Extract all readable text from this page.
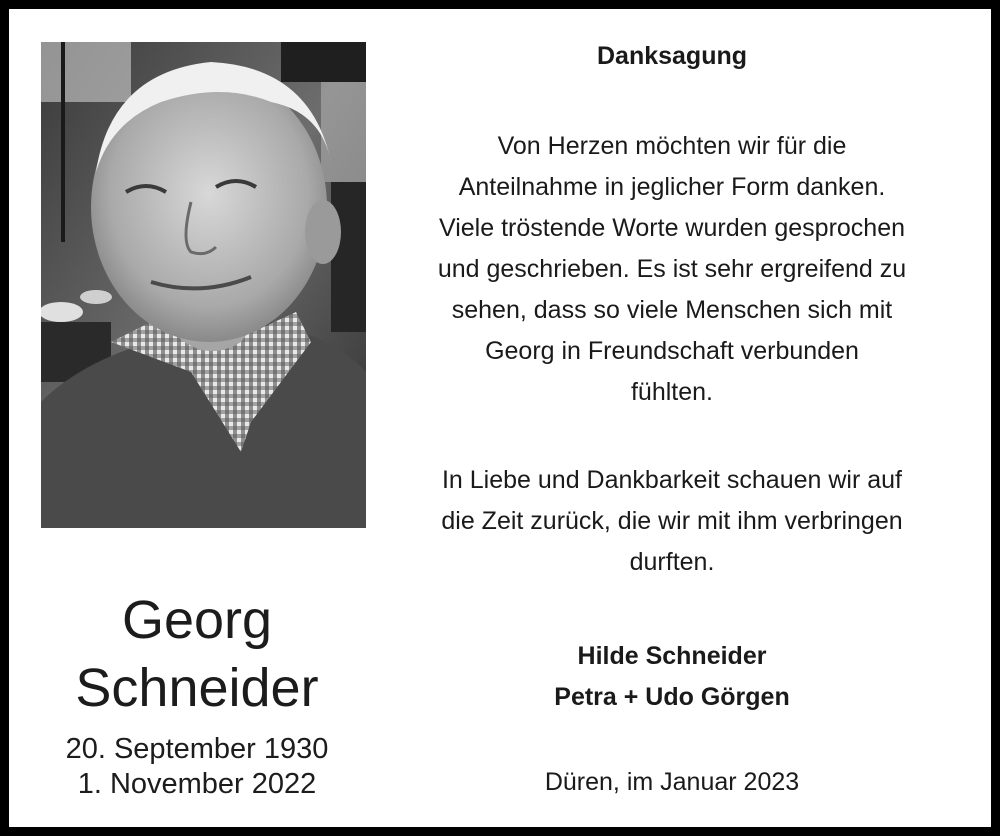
Georg
Schneider
20. September 1930
1. November 2022
Danksagung
Von Herzen möchten wir für die
Anteilnahme in jeglicher Form danken.
Viele tröstende Worte wurden gesprochen
und geschrieben. Es ist sehr ergreifend zu
sehen, dass so viele Menschen sich mit
Georg in Freundschaft verbunden
fühlten.
In Liebe und Dankbarkeit schauen wir auf
die Zeit zurück, die wir mit ihm verbringen
durften.
Hilde Schneider
Petra + Udo Görgen
Düren, im Januar 2023
